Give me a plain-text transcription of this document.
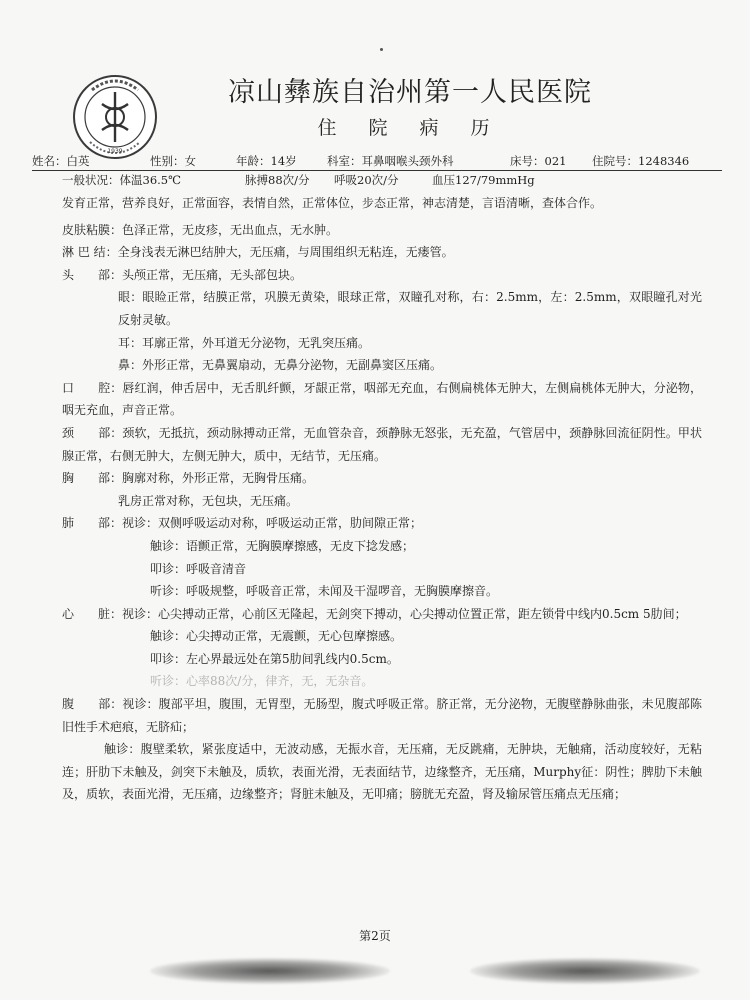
1939
凉山彝族自治州第一人民医院
住 院 病 历
姓名：白英	性别：女	年龄：14岁	科室：耳鼻咽喉头颈外科	床号：021 住院号：1248346
一般状况：体温36.5℃	脉搏88次/分 呼吸20次/分	血压127/79mmHg
发育正常，营养良好，正常面容，表情自然，正常体位，步态正常，神志清楚，言语清晰，查体合作。
皮肤粘膜：色泽正常，无皮疹，无出血点，无水肿。
淋 巴 结：全身浅表无淋巴结肿大，无压痛，与周围组织无粘连，无瘘管。
头　　部：头颅正常，无压痛，无头部包块。
眼：眼睑正常，结膜正常，巩膜无黄染，眼球正常，双瞳孔对称，右：2.5mm，左：2.5mm，双眼瞳孔对光反射灵敏。
耳：耳廓正常，外耳道无分泌物，无乳突压痛。
鼻：外形正常，无鼻翼扇动，无鼻分泌物，无副鼻窦区压痛。
口　　腔：唇红润，伸舌居中，无舌肌纤颤，牙龈正常，咽部无充血，右侧扁桃体无肿大，左侧扁桃体无肿大，分泌物，咽无充血，声音正常。
颈　　部：颈软，无抵抗，颈动脉搏动正常，无血管杂音，颈静脉无怒张，无充盈，气管居中，颈静脉回流征阴性。甲状腺正常，右侧无肿大，左侧无肿大，质中，无结节，无压痛。
胸　　部：胸廓对称，外形正常，无胸骨压痛。
乳房正常对称，无包块，无压痛。
肺　　部：视诊：双侧呼吸运动对称，呼吸运动正常，肋间隙正常；
触诊：语颤正常，无胸膜摩擦感，无皮下捻发感；
叩诊：呼吸音清音
听诊：呼吸规整，呼吸音正常，未闻及干湿啰音，无胸膜摩擦音。
心　　脏：视诊：心尖搏动正常，心前区无隆起，无剑突下搏动，心尖搏动位置正常，距左锁骨中线内0.5cm 5肋间；
触诊：心尖搏动正常，无震颤，无心包摩擦感。
叩诊：左心界最远处在第5肋间乳线内0.5cm。
听诊：心率88次/分，律齐，无，无杂音。
腹　　部：视诊：腹部平坦，腹围，无胃型，无肠型，腹式呼吸正常。脐正常，无分泌物，无腹壁静脉曲张，未见腹部陈旧性手术疤痕，无脐疝；
触诊：腹壁柔软，紧张度适中，无波动感，无振水音，无压痛，无反跳痛，无肿块，无触痛，活动度较好，无粘连；肝肋下未触及，剑突下未触及，质软，表面光滑，无表面结节，边缘整齐，无压痛，Murphy征：阴性；脾肋下未触及，质软，表面光滑，无压痛，边缘整齐；肾脏未触及，无叩痛；膀胱无充盈，肾及输尿管压痛点无压痛；
第2页
